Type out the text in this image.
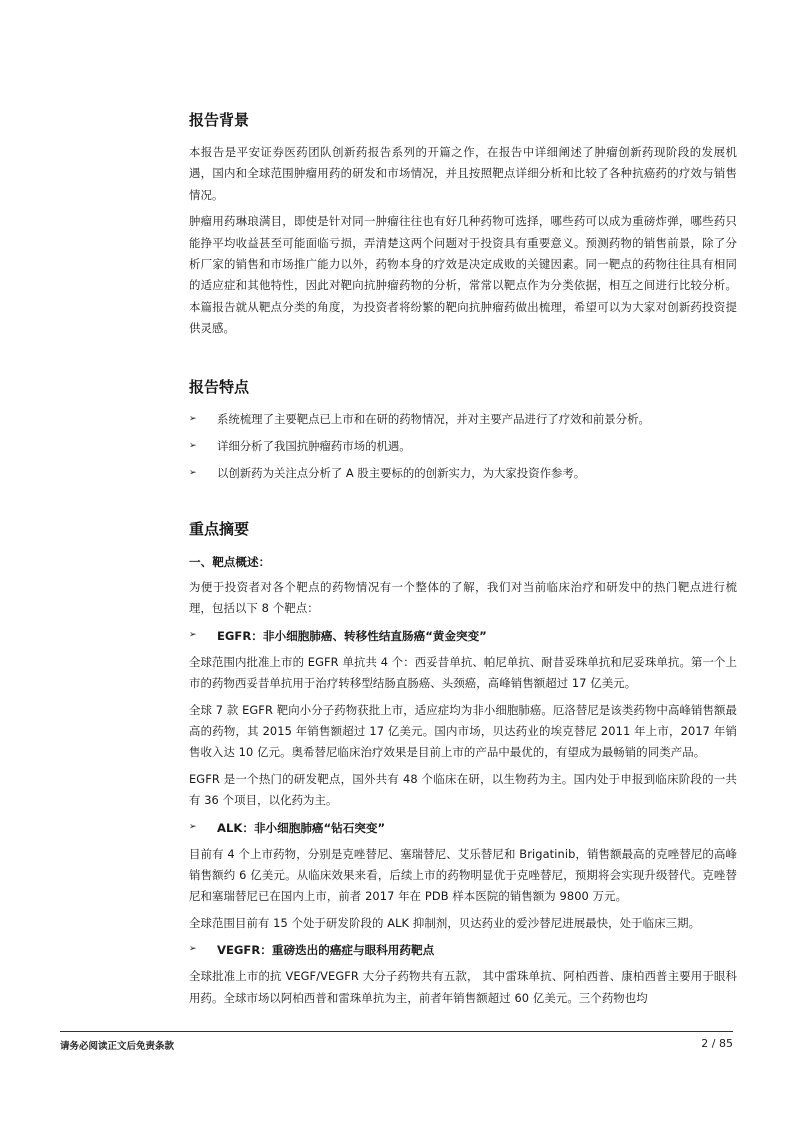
报告背景

本报告是平安证券医药团队创新药报告系列的开篇之作，在报告中详细阐述了肿瘤创新药现阶段的发展机遇，国内和全球范围肿瘤用药的研发和市场情况，并且按照靶点详细分析和比较了各种抗癌药的疗效与销售情况。

肿瘤用药琳琅满目，即使是针对同一肿瘤往往也有好几种药物可选择，哪些药可以成为重磅炸弹，哪些药只能挣平均收益甚至可能面临亏损，弄清楚这两个问题对于投资具有重要意义。预测药物的销售前景，除了分析厂家的销售和市场推广能力以外，药物本身的疗效是决定成败的关键因素。同一靶点的药物往往具有相同的适应症和其他特性，因此对靶向抗肿瘤药物的分析，常常以靶点作为分类依据，相互之间进行比较分析。本篇报告就从靶点分类的角度，为投资者将纷繁的靶向抗肿瘤药做出梳理，希望可以为大家对创新药投资提供灵感。

报告特点
➢ 系统梳理了主要靶点已上市和在研的药物情况，并对主要产品进行了疗效和前景分析。
➢ 详细分析了我国抗肿瘤药市场的机遇。
➢ 以创新药为关注点分析了 A 股主要标的的创新实力，为大家投资作参考。
重点摘要
一、靶点概述：

为便于投资者对各个靶点的药物情况有一个整体的了解，我们对当前临床治疗和研发中的热门靶点进行梳理，包括以下 8 个靶点：

➢ EGFR：非小细胞肺癌、转移性结直肠癌“黄金突变”

全球范围内批准上市的 EGFR 单抗共 4 个：西妥昔单抗、帕尼单抗、耐昔妥珠单抗和尼妥珠单抗。第一个上市的药物西妥昔单抗用于治疗转移型结肠直肠癌、头颈癌，高峰销售额超过 17 亿美元。

全球 7 款 EGFR 靶向小分子药物获批上市，适应症均为非小细胞肺癌。厄洛替尼是该类药物中高峰销售额最高的药物，其 2015 年销售额超过 17 亿美元。国内市场，贝达药业的埃克替尼 2011 年上市，2017 年销售收入达 10 亿元。奥希替尼临床治疗效果是目前上市的产品中最优的，有望成为最畅销的同类产品。

EGFR 是一个热门的研发靶点，国外共有 48 个临床在研，以生物药为主。国内处于申报到临床阶段的一共有 36 个项目，以化药为主。

➢ ALK：非小细胞肺癌“钻石突变”

目前有 4 个上市药物，分别是克唑替尼、塞瑞替尼、艾乐替尼和 Brigatinib，销售额最高的克唑替尼的高峰销售额约 6 亿美元。从临床效果来看，后续上市的药物明显优于克唑替尼，预期将会实现升级替代。克唑替尼和塞瑞替尼已在国内上市，前者 2017 年在 PDB 样本医院的销售额为 9800 万元。

全球范围目前有 15 个处于研发阶段的 ALK 抑制剂，贝达药业的爱沙替尼进展最快，处于临床三期。

➢ VEGFR：重磅迭出的癌症与眼科用药靶点

全球批准上市的抗 VEGF/VEGFR 大分子药物共有五款， 其中雷珠单抗、阿柏西普、康柏西普主要用于眼科用药。全球市场以阿柏西普和雷珠单抗为主，前者年销售额超过 60 亿美元。三个药物也均

请务必阅读正文后免责条款	2 / 85
